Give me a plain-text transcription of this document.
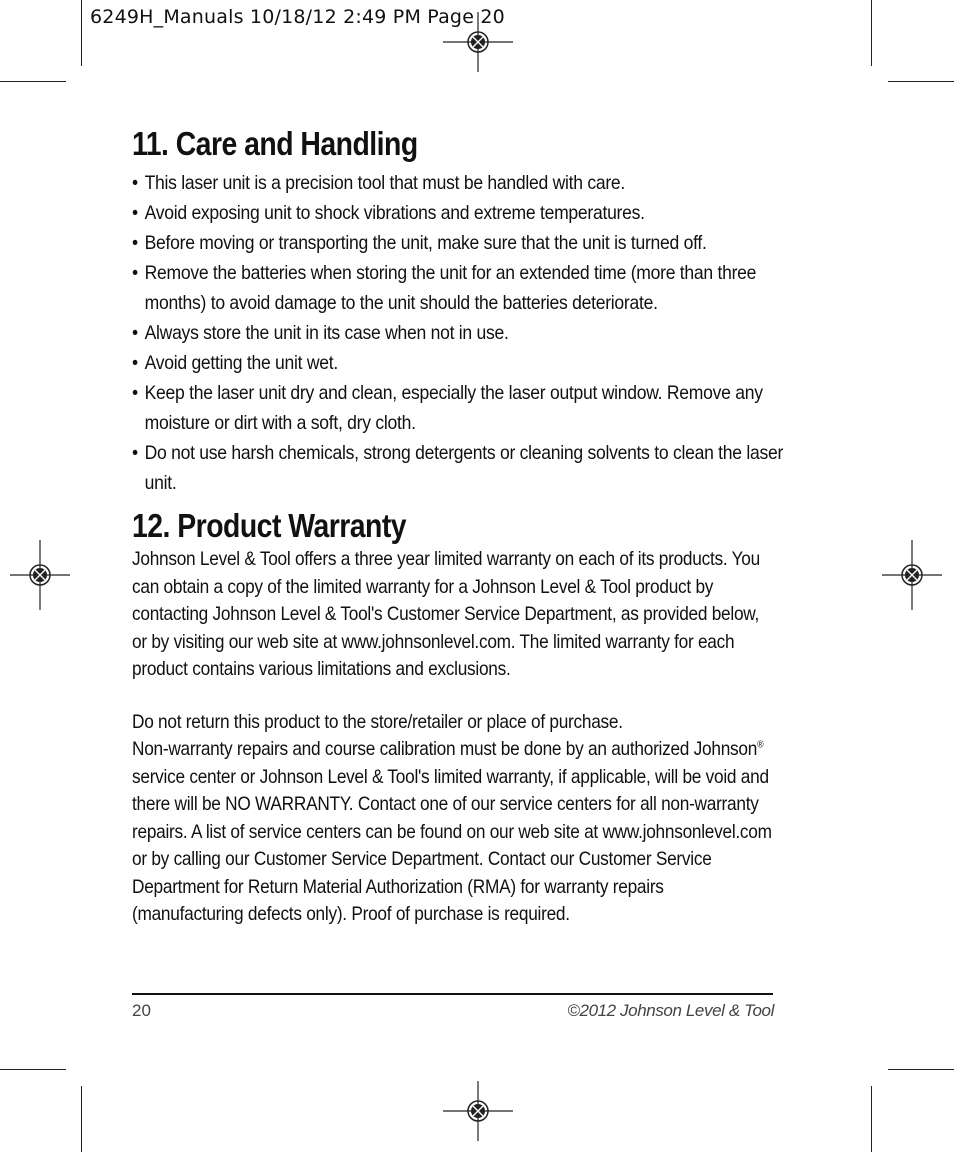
6249H_Manuals 10/18/12 2:49 PM Page 20
11. Care and Handling
• This laser unit is a precision tool that must be handled with care.
• Avoid exposing unit to shock vibrations and extreme temperatures.
• Before moving or transporting the unit, make sure that the unit is turned off.
• Remove the batteries when storing the unit for an extended time (more than three months) to avoid damage to the unit should the batteries deteriorate.
• Always store the unit in its case when not in use.
• Avoid getting the unit wet.
• Keep the laser unit dry and clean, especially the laser output window. Remove any moisture or dirt with a soft, dry cloth.
• Do not use harsh chemicals, strong detergents or cleaning solvents to clean the laser unit.
12. Product Warranty

Johnson Level & Tool offers a three year limited warranty on each of its products. You can obtain a copy of the limited warranty for a Johnson Level & Tool product by contacting Johnson Level & Tool's Customer Service Department, as provided below, or by visiting our web site at www.johnsonlevel.com. The limited warranty for each product contains various limitations and exclusions.

Do not return this product to the store/retailer or place of purchase.
Non-warranty repairs and course calibration must be done by an authorized Johnson® service center or Johnson Level & Tool's limited warranty, if applicable, will be void and there will be NO WARRANTY. Contact one of our service centers for all non-warranty repairs. A list of service centers can be found on our web site at www.johnsonlevel.com or by calling our Customer Service Department. Contact our Customer Service Department for Return Material Authorization (RMA) for warranty repairs (manufacturing defects only). Proof of purchase is required.

20	©2012 Johnson Level & Tool
